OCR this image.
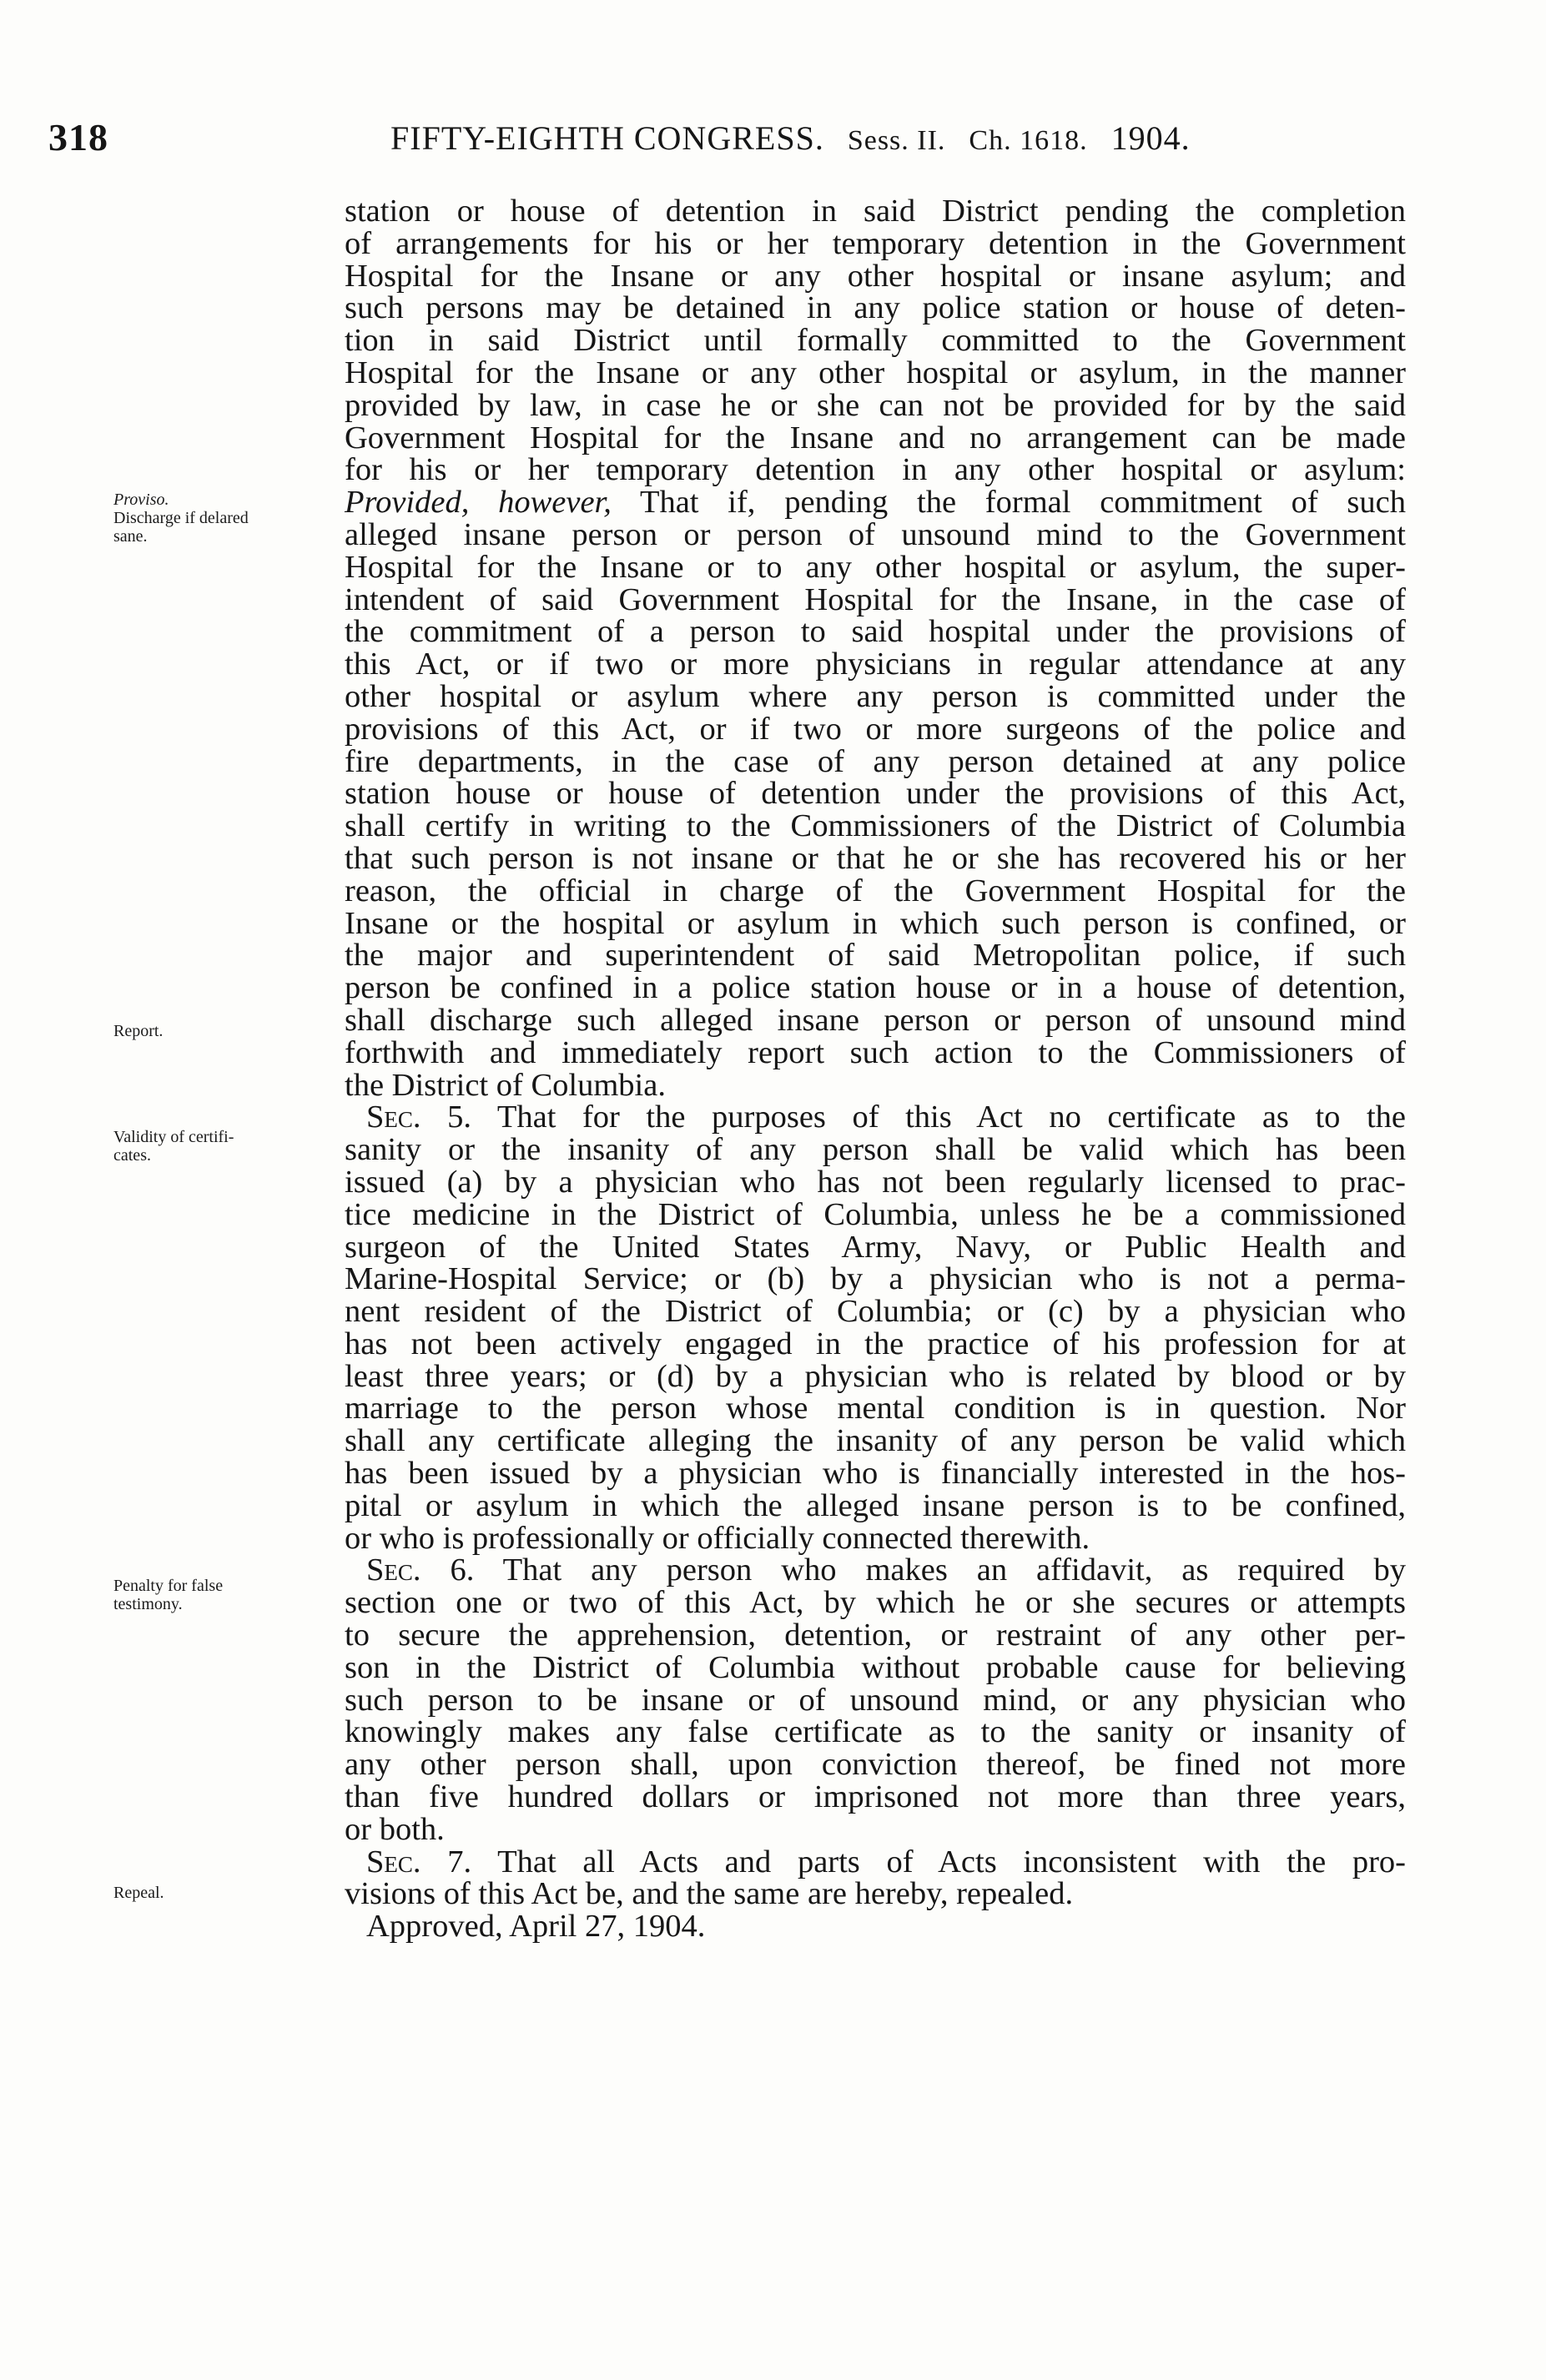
318	FIFTY-EIGHTH CONGRESS. Sess. II. Ch. 1618. 1904.
Proviso.
Discharge if delared
sane.
Report.
Validity of certifi-
cates.
Penalty for false
testimony.
Repeal.
station or house of detention in said District pending the completion
of arrangements for his or her temporary detention in the Government
Hospital for the Insane or any other hospital or insane asylum; and
such persons may be detained in any police station or house of deten-
tion in said District until formally committed to the Government
Hospital for the Insane or any other hospital or asylum, in the manner
provided by law, in case he or she can not be provided for by the said
Government Hospital for the Insane and no arrangement can be made
for his or her temporary detention in any other hospital or asylum:
Provided, however, That if, pending the formal commitment of such
alleged insane person or person of unsound mind to the Government
Hospital for the Insane or to any other hospital or asylum, the super-
intendent of said Government Hospital for the Insane, in the case of
the commitment of a person to said hospital under the provisions of
this Act, or if two or more physicians in regular attendance at any
other hospital or asylum where any person is committed under the
provisions of this Act, or if two or more surgeons of the police and
fire departments, in the case of any person detained at any police
station house or house of detention under the provisions of this Act,
shall certify in writing to the Commissioners of the District of Columbia
that such person is not insane or that he or she has recovered his or her
reason, the official in charge of the Government Hospital for the
Insane or the hospital or asylum in which such person is confined, or
the major and superintendent of said Metropolitan police, if such
person be confined in a police station house or in a house of detention,
shall discharge such alleged insane person or person of unsound mind
forthwith and immediately report such action to the Commissioners of
the District of Columbia.
Sec. 5. That for the purposes of this Act no certificate as to the
sanity or the insanity of any person shall be valid which has been
issued (a) by a physician who has not been regularly licensed to prac-
tice medicine in the District of Columbia, unless he be a commissioned
surgeon of the United States Army, Navy, or Public Health and
Marine-Hospital Service; or (b) by a physician who is not a perma-
nent resident of the District of Columbia; or (c) by a physician who
has not been actively engaged in the practice of his profession for at
least three years; or (d) by a physician who is related by blood or by
marriage to the person whose mental condition is in question. Nor
shall any certificate alleging the insanity of any person be valid which
has been issued by a physician who is financially interested in the hos-
pital or asylum in which the alleged insane person is to be confined,
or who is professionally or officially connected therewith.
Sec. 6. That any person who makes an affidavit, as required by
section one or two of this Act, by which he or she secures or attempts
to secure the apprehension, detention, or restraint of any other per-
son in the District of Columbia without probable cause for believing
such person to be insane or of unsound mind, or any physician who
knowingly makes any false certificate as to the sanity or insanity of
any other person shall, upon conviction thereof, be fined not more
than five hundred dollars or imprisoned not more than three years,
or both.
Sec. 7. That all Acts and parts of Acts inconsistent with the pro-
visions of this Act be, and the same are hereby, repealed.
Approved, April 27, 1904.
